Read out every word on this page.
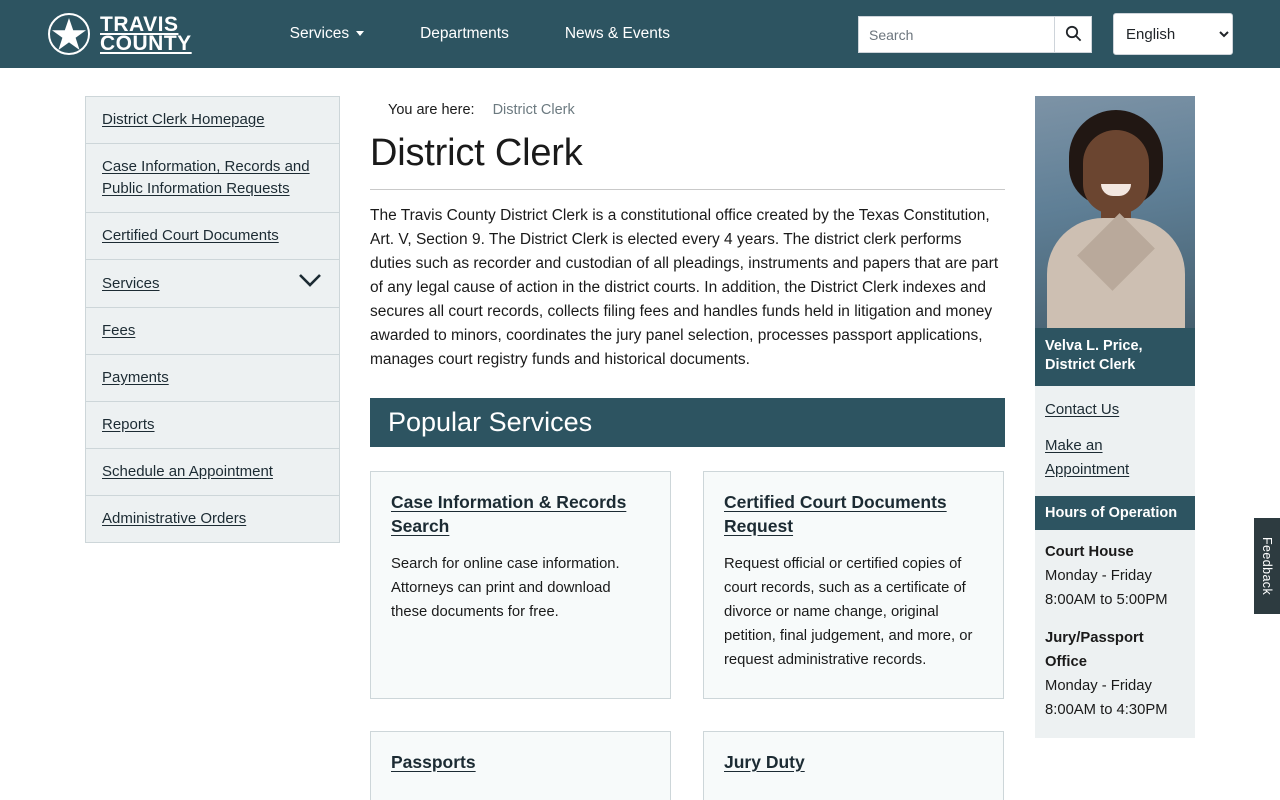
TRAVIS
COUNTY	Services	Departments	News & Events
Search
English
District Clerk Homepage
Case Information, Records and Public Information Requests
Certified Court Documents
Services
Fees
Payments
Reports
Schedule an Appointment
Administrative Orders
You are here: District Clerk
District Clerk

The Travis County District Clerk is a constitutional office created by the Texas Constitution, Art. V, Section 9. The District Clerk is elected every 4 years. The district clerk performs duties such as recorder and custodian of all pleadings, instruments and papers that are part of any legal cause of action in the district courts. In addition, the District Clerk indexes and secures all court records, collects filing fees and handles funds held in litigation and money awarded to minors, coordinates the jury panel selection, processes passport applications, manages court registry funds and historical documents.

Popular Services
Case Information & Records Search
Search for online case information. Attorneys can print and download these documents for free.
Certified Court Documents Request
Request official or certified copies of court records, such as a certificate of divorce or name change, original petition, final judgement, and more, or request administrative records.
Passports	Jury Duty
Velva L. Price,
District Clerk
Contact Us
Make an Appointment
Hours of Operation
Court House
Monday - Friday
8:00AM to 5:00PM
Jury/Passport Office
Monday - Friday
8:00AM to 4:30PM
Feedback
